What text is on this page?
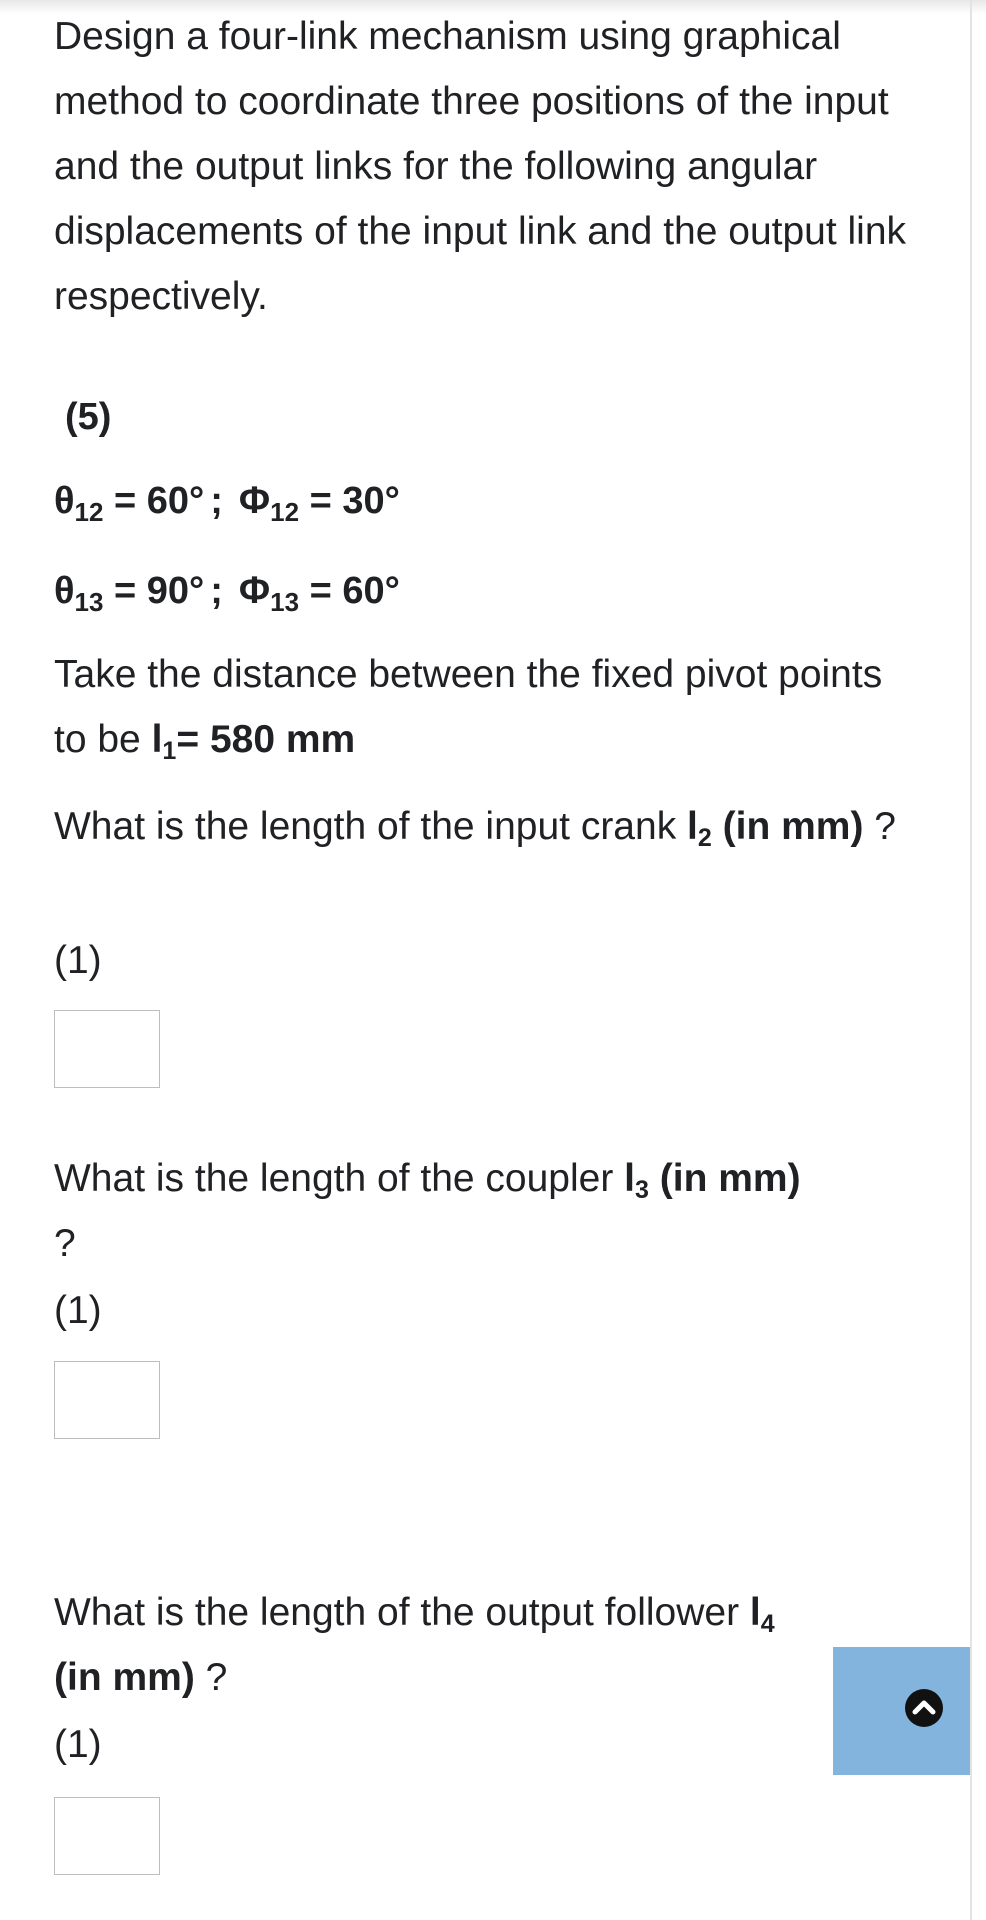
Design a four-link mechanism using graphical method to coordinate three positions of the input and the output links for the following angular displacements of the input link and the output link respectively.

(5)
$\theta_{12} = 60^\circ$ ; $\Phi_{12} = 30^\circ$
$\theta_{13} = 90^\circ$ ; $\Phi_{13} = 60^\circ$

Take the distance between the fixed pivot points to be $l_1= 580$ mm

What is the length of the input crank $l_2$ (in mm) ?

(1)

What is the length of the coupler $l_3$ (in mm)
?

(1)

What is the length of the output follower $l_4$
(in mm) ?

(1)
